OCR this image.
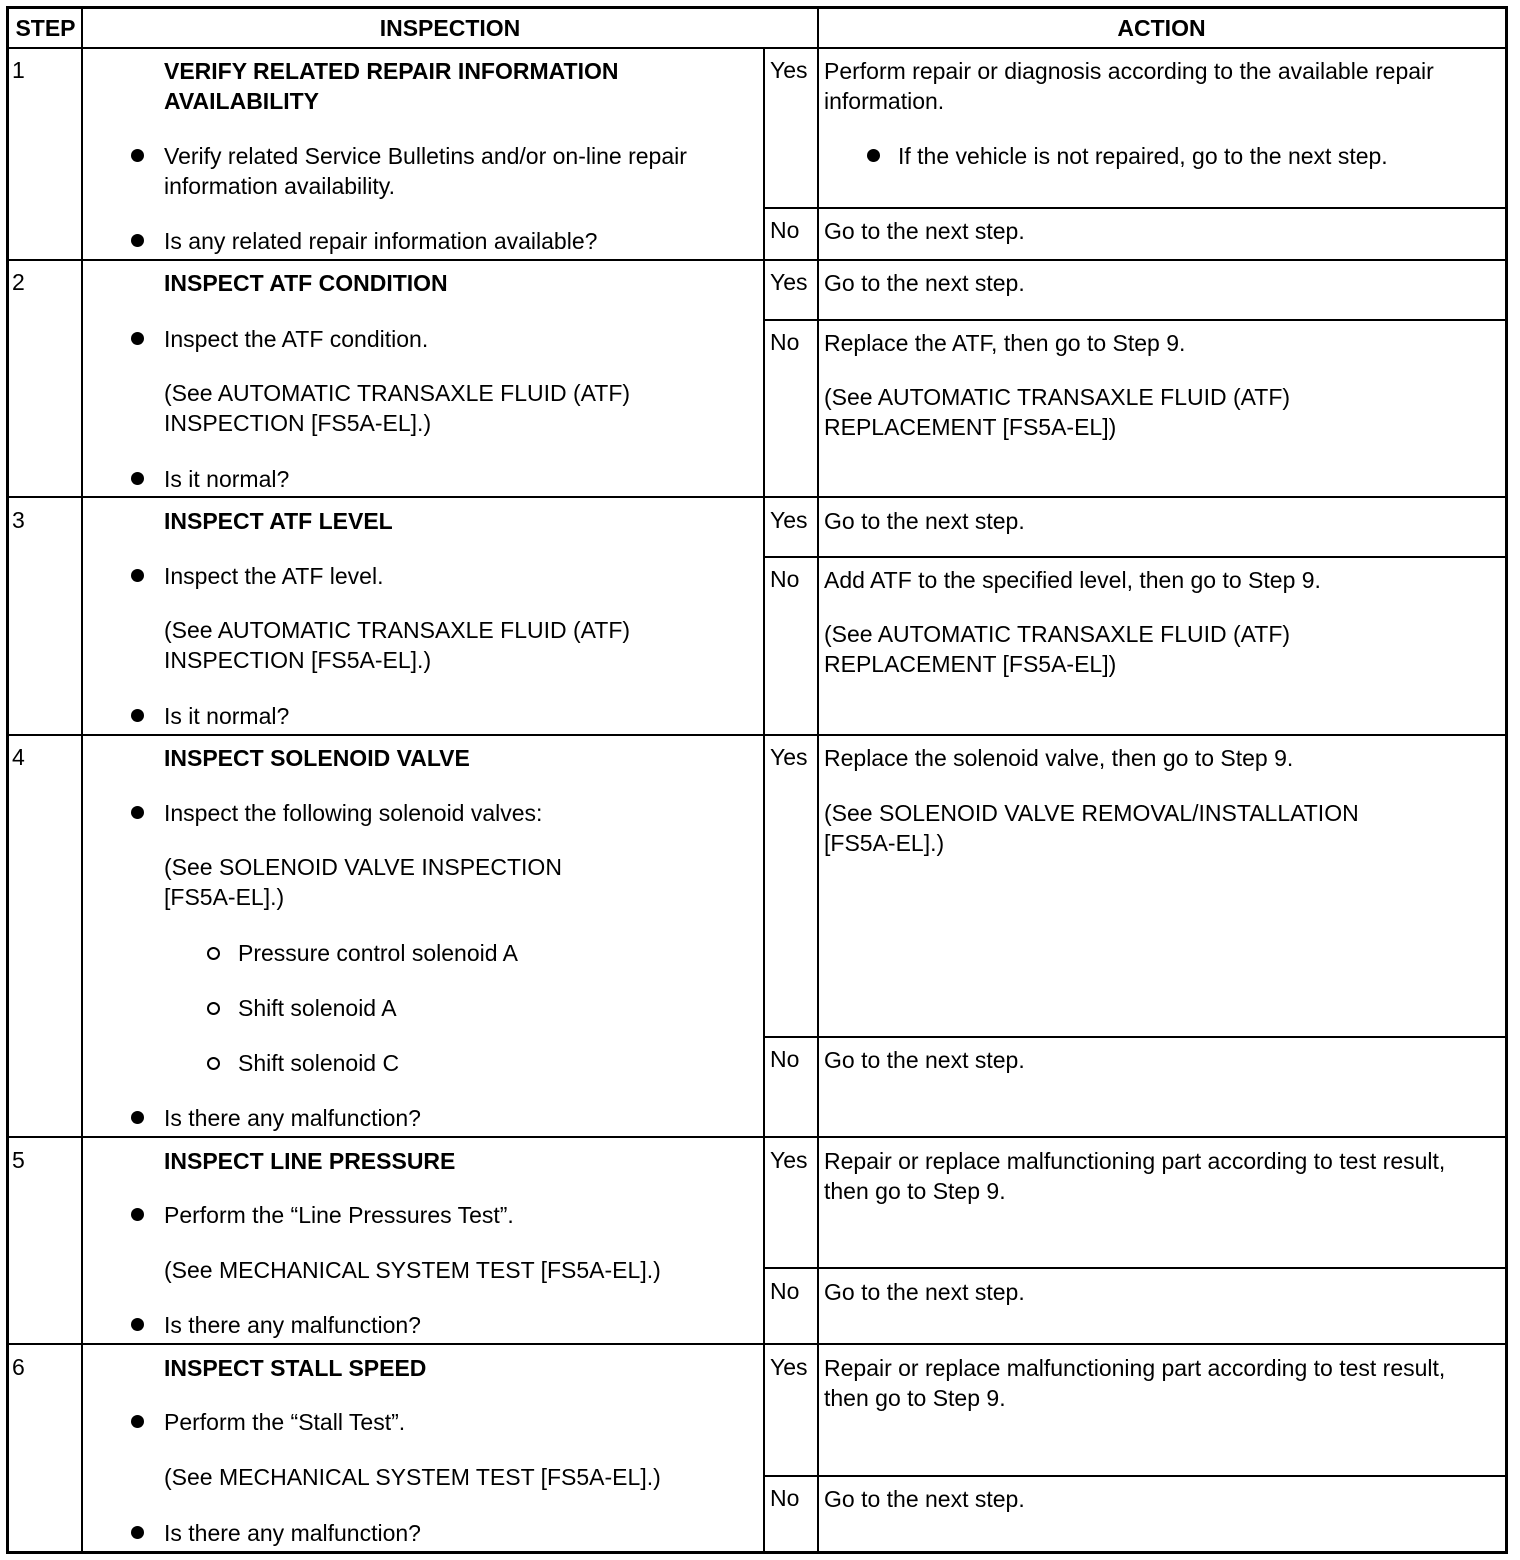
STEP	INSPECTION	ACTION
1	VERIFY RELATED REPAIR INFORMATION
AVAILABILITY
Verify related Service Bulletins and/or on-line repair
information availability.
Is any related repair information available?
Yes Perform repair or diagnosis according to the available repair
information.
If the vehicle is not repaired, go to the next step.
No Go to the next step.
2	INSPECT ATF CONDITION
Inspect the ATF condition.
(See AUTOMATIC TRANSAXLE FLUID (ATF)
INSPECTION [FS5A-EL].)
Is it normal?
Yes Go to the next step.
No Replace the ATF, then go to Step 9.
(See AUTOMATIC TRANSAXLE FLUID (ATF)
REPLACEMENT [FS5A-EL])
3	INSPECT ATF LEVEL
Inspect the ATF level.
(See AUTOMATIC TRANSAXLE FLUID (ATF)
INSPECTION [FS5A-EL].)
Is it normal?
Yes Go to the next step.
No Add ATF to the specified level, then go to Step 9.
(See AUTOMATIC TRANSAXLE FLUID (ATF)
REPLACEMENT [FS5A-EL])
4	INSPECT SOLENOID VALVE
Inspect the following solenoid valves:
(See SOLENOID VALVE INSPECTION
[FS5A-EL].)
Pressure control solenoid A
Shift solenoid A
Shift solenoid C
Is there any malfunction?
Yes Replace the solenoid valve, then go to Step 9.
(See SOLENOID VALVE REMOVAL/INSTALLATION
[FS5A-EL].)
No Go to the next step.
5	INSPECT LINE PRESSURE
Perform the “Line Pressures Test”.
(See MECHANICAL SYSTEM TEST [FS5A-EL].)
Is there any malfunction?
Yes Repair or replace malfunctioning part according to test result,
then go to Step 9.
No Go to the next step.
6	INSPECT STALL SPEED
Perform the “Stall Test”.
(See MECHANICAL SYSTEM TEST [FS5A-EL].)
Is there any malfunction?
Yes Repair or replace malfunctioning part according to test result,
then go to Step 9.
No Go to the next step.
